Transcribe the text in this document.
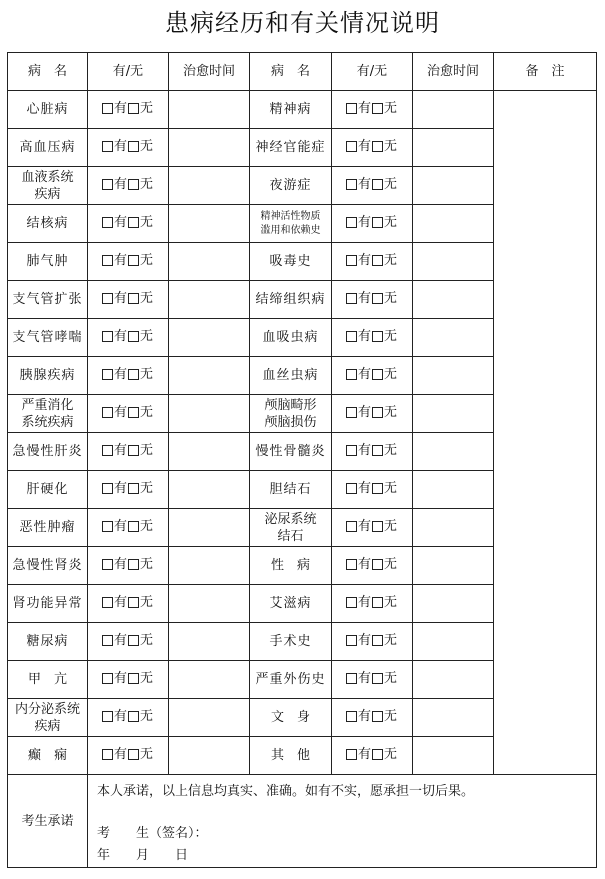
患病经历和有关情况说明
病　名	有/无	治愈时间	病　名	有/无	治愈时间	备　注

心脏病	有 无		精神病	有 无		

高血压病	有 无		神经官能症	有 无		

血液系统
疾病	有 无		夜游症	有 无		

结核病	有 无		精神活性物质
滥用和依赖史	有 无		

肺气肿	有 无		吸毒史	有 无		

支气管扩张	有 无		结缔组织病	有 无		

支气管哮喘	有 无		血吸虫病	有 无		

胰腺疾病	有 无		血丝虫病	有 无		

严重消化
系统疾病	有 无		颅脑畸形
颅脑损伤	有 无		

急慢性肝炎	有 无		慢性骨髓炎	有 无		

肝硬化	有 无		胆结石	有 无		

恶性肿瘤	有 无		泌尿系统
结石	有 无		

急慢性肾炎	有 无		性　病	有 无		

肾功能异常	有 无		艾滋病	有 无		

糖尿病	有 无		手术史	有 无		

甲　亢	有 无		严重外伤史	有 无		

内分泌系统
疾病	有 无		文　身	有 无		

癫　痫	有 无		其　他	有 无		

考生承诺	本人承诺，以上信息均真实、准确。如有不实，愿承担一切后果。
考　　生（签名）：
年　　月　　日					
